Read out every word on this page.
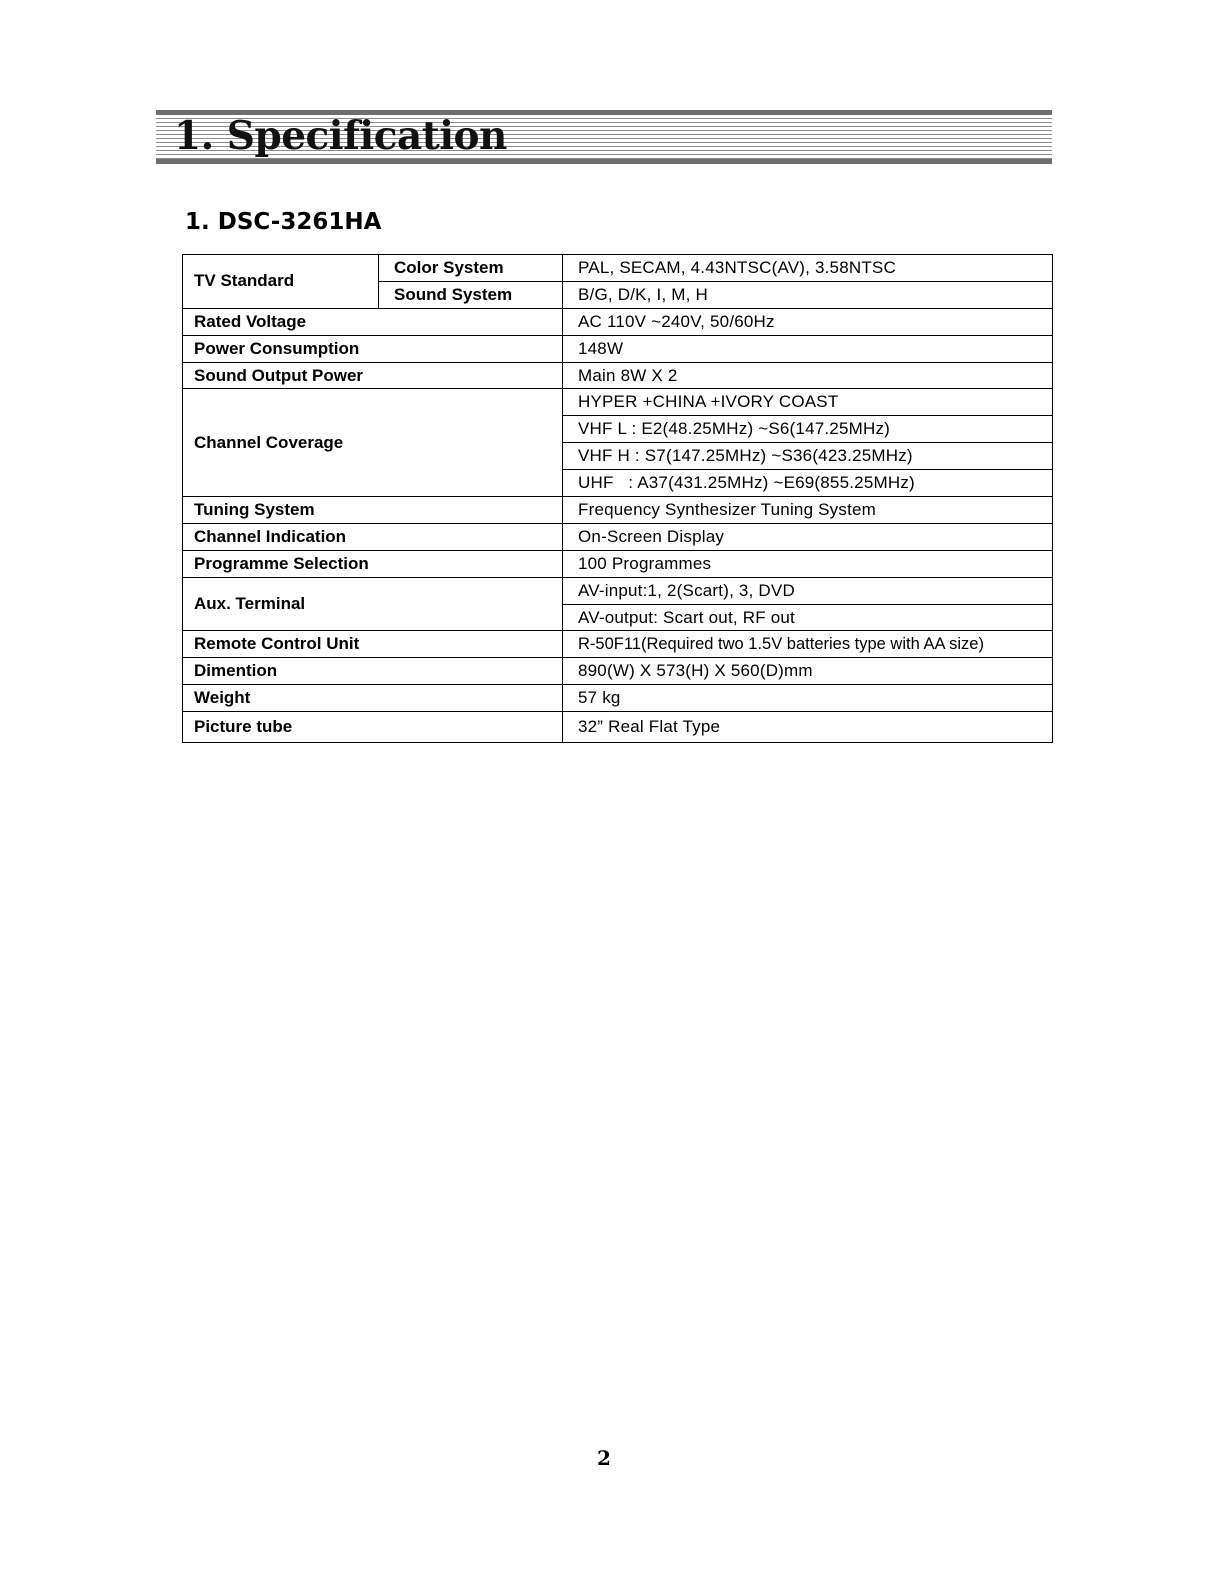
1. Specification
1. DSC-3261HA
TV Standard	Color System	PAL, SECAM, 4.43NTSC(AV), 3.58NTSC
	Sound System	B/G, D/K, I, M, H
Rated Voltage		AC 110V ~240V, 50/60Hz
Power Consumption		148W
Sound Output Power		Main 8W X 2
Channel Coverage		HYPER +CHINA +IVORY COAST
		VHF L : E2(48.25MHz) ~S6(147.25MHz)
		VHF H : S7(147.25MHz) ~S36(423.25MHz)
		UHF   : A37(431.25MHz) ~E69(855.25MHz)
Tuning System		Frequency Synthesizer Tuning System
Channel Indication		On-Screen Display
Programme Selection		100 Programmes
Aux. Terminal		AV-input:1, 2(Scart), 3, DVD
		AV-output: Scart out, RF out
Remote Control Unit		R-50F11(Required two 1.5V batteries type with AA size)
Dimention		890(W) X 573(H) X 560(D)mm
Weight		57 kg
Picture tube		32” Real Flat Type
2
